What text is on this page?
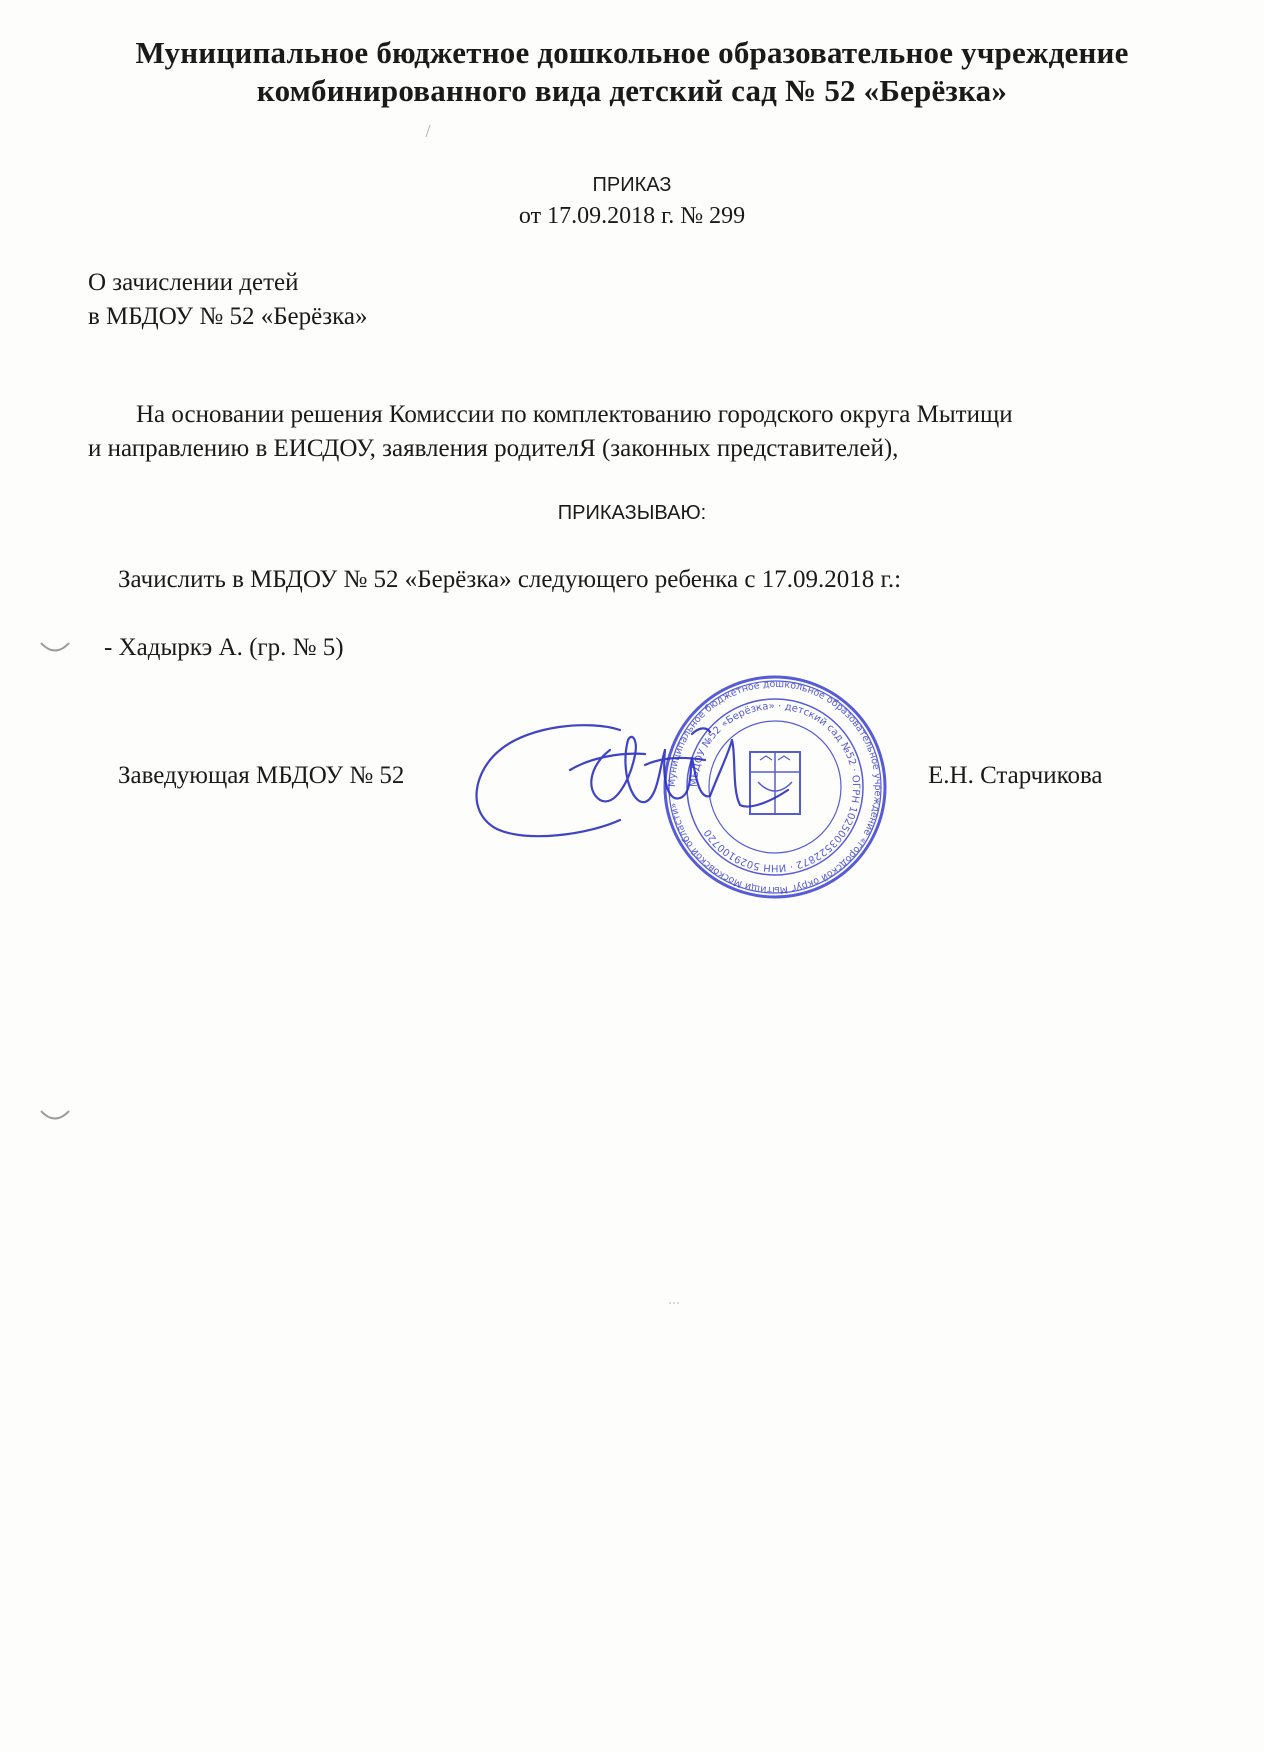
Муниципальное бюджетное дошкольное образовательное учреждение
комбинированного вида детский сад № 52 «Берёзка»
ПРИКАЗ
от 17.09.2018 г. № 299
О зачислении детей
в МБДОУ № 52 «Берёзка»
На основании решения Комиссии по комплектованию городского округа Мытищи
и направлению в ЕИСДОУ, заявления родителЯ (законных представителей),
ПРИКАЗЫВАЮ:
Зачислить в МБДОУ № 52 «Берёзка» следующего ребенка с 17.09.2018 г.:
- Хадыркэ А. (гр. № 5)
Заведующая МБДОУ № 52	Е.Н. Старчикова
Муниципальное бюджетное дошкольное образовательное учреждение «городской округ Мытищи Московской области»
МБДОУ №52 «Берёзка» · детский сад №52 · ОГРН 1025003522872 · ИНН 5029100720
